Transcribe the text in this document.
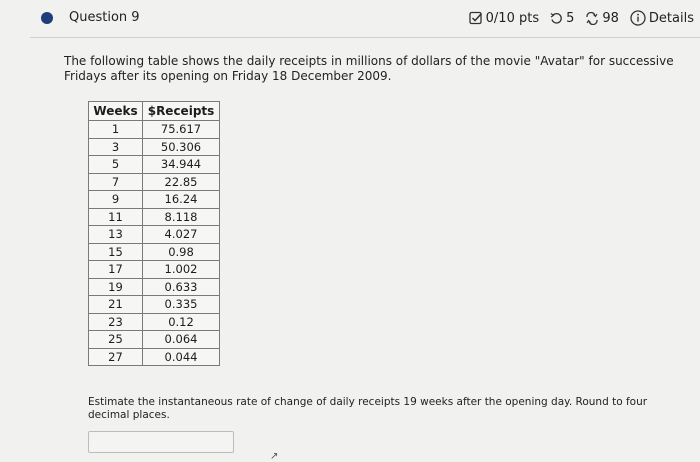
Question 9	0/10 pts 5 98 Details
The following table shows the daily receipts in millions of dollars of the movie "Avatar" for successive Fridays after its opening on Friday 18 December 2009.
Weeks	$Receipts
1	75.617
3	50.306
5	34.944
7	22.85
9	16.24
11	8.118
13	4.027
15	0.98
17	1.002
19	0.633
21	0.335
23	0.12
25	0.064
27	0.044
Estimate the instantaneous rate of change of daily receipts 19 weeks after the opening day. Round to four decimal places.
↗
